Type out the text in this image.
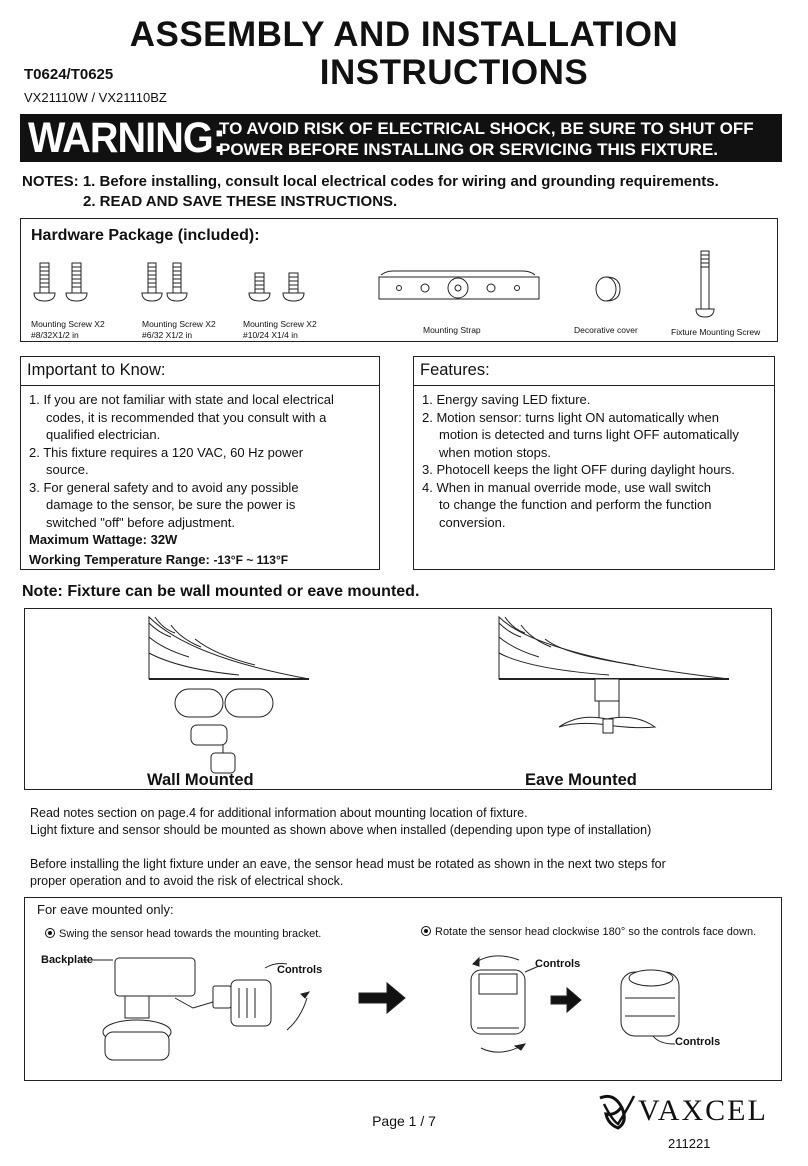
ASSEMBLY AND INSTALLATION
INSTRUCTIONS
T0624/T0625
VX21110W / VX21110BZ
WARNING:
TO AVOID RISK OF ELECTRICAL SHOCK, BE SURE TO SHUT OFF
POWER BEFORE INSTALLING OR SERVICING THIS FIXTURE.
NOTES: 1. Before installing, consult local electrical codes for wiring and grounding requirements.
2. READ AND SAVE THESE INSTRUCTIONS.
Hardware Package (included):
Mounting Screw X2
#8/32X1/2 in
Mounting Screw X2
#6/32 X1/2 in
Mounting Screw X2
#10/24 X1/4 in	Mounting Strap	Decorative cover	Fixture Mounting Screw
Important to Know:
1. If you are not familiar with state and local electrical
codes, it is recommended that you consult with a
qualified electrician.
2. This fixture requires a 120 VAC, 60 Hz power
source.
3. For general safety and to avoid any possible
damage to the sensor, be sure the power is
switched "off" before adjustment.
Maximum Wattage: 32W
Working Temperature Range: -13°F ~ 113°F
Features:
1. Energy saving LED fixture.
2. Motion sensor: turns light ON automatically when
motion is detected and turns light OFF automatically
when motion stops.
3. Photocell keeps the light OFF during daylight hours.
4. When in manual override mode, use wall switch
to change the function and perform the function
conversion.
Note: Fixture can be wall mounted or eave mounted.
Wall Mounted	Eave Mounted
Read notes section on page.4 for additional information about mounting location of fixture.
Light fixture and sensor should be mounted as shown above when installed (depending upon type of installation)
Before installing the light fixture under an eave, the sensor head must be rotated as shown in the next two steps for
proper operation and to avoid the risk of electrical shock.
For eave mounted only:
Swing the sensor head towards the mounting bracket.	Rotate the sensor head clockwise 180° so the controls face down.
Backplate
Controls	Controls
Controls
Page 1 / 7	VAXCEL
211221
